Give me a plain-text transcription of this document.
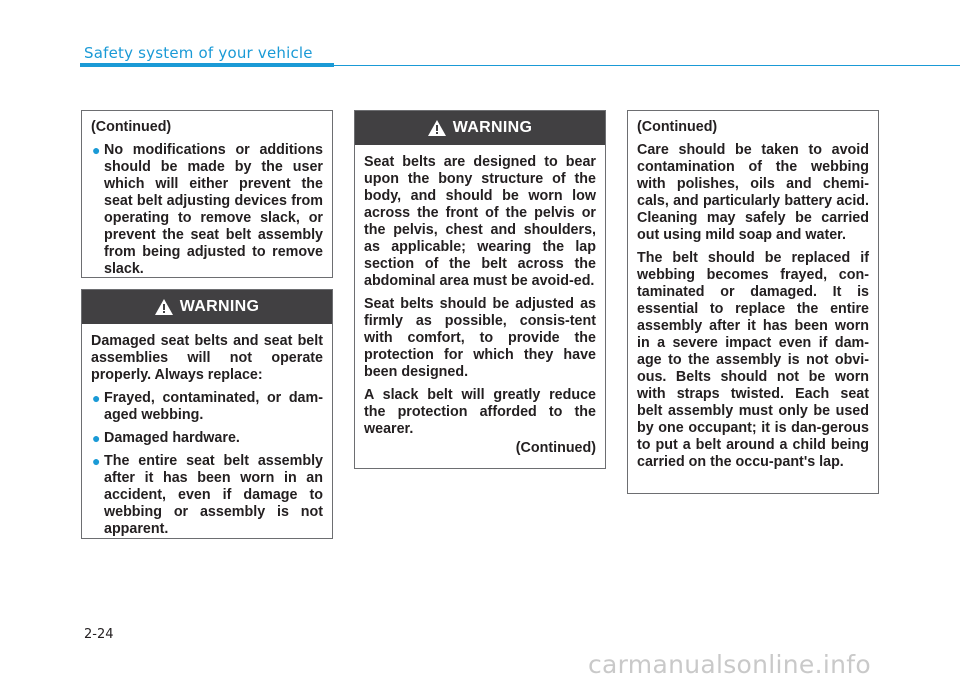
Safety system of your vehicle

(Continued)

● No modifications or additions should be made by the user which will either prevent the seat belt adjusting devices from operating to remove slack, or prevent the seat belt assembly from being adjusted to remove slack.
WARNING

Damaged seat belts and seat belt assemblies will not operate properly. Always replace:

● Frayed, contaminated, or dam-aged webbing.
● Damaged hardware.
● The entire seat belt assembly after it has been worn in an accident, even if damage to webbing or assembly is not apparent.
WARNING

Seat belts are designed to bear upon the bony structure of the body, and should be worn low across the front of the pelvis or the pelvis, chest and shoulders, as applicable; wearing the lap section of the belt across the abdominal area must be avoid-ed.

Seat belts should be adjusted as firmly as possible, consis-tent with comfort, to provide the protection for which they have been designed.

A slack belt will greatly reduce the protection afforded to the wearer.

(Continued)

(Continued)

Care should be taken to avoid contamination of the webbing with polishes, oils and chemi-cals, and particularly battery acid. Cleaning may safely be carried out using mild soap and water.

The belt should be replaced if webbing becomes frayed, con-taminated or damaged. It is essential to replace the entire assembly after it has been worn in a severe impact even if dam-age to the assembly is not obvi-ous. Belts should not be worn with straps twisted. Each seat belt assembly must only be used by one occupant; it is dan-gerous to put a belt around a child being carried on the occu-pant's lap.

2-24
carmanualsonline.info
